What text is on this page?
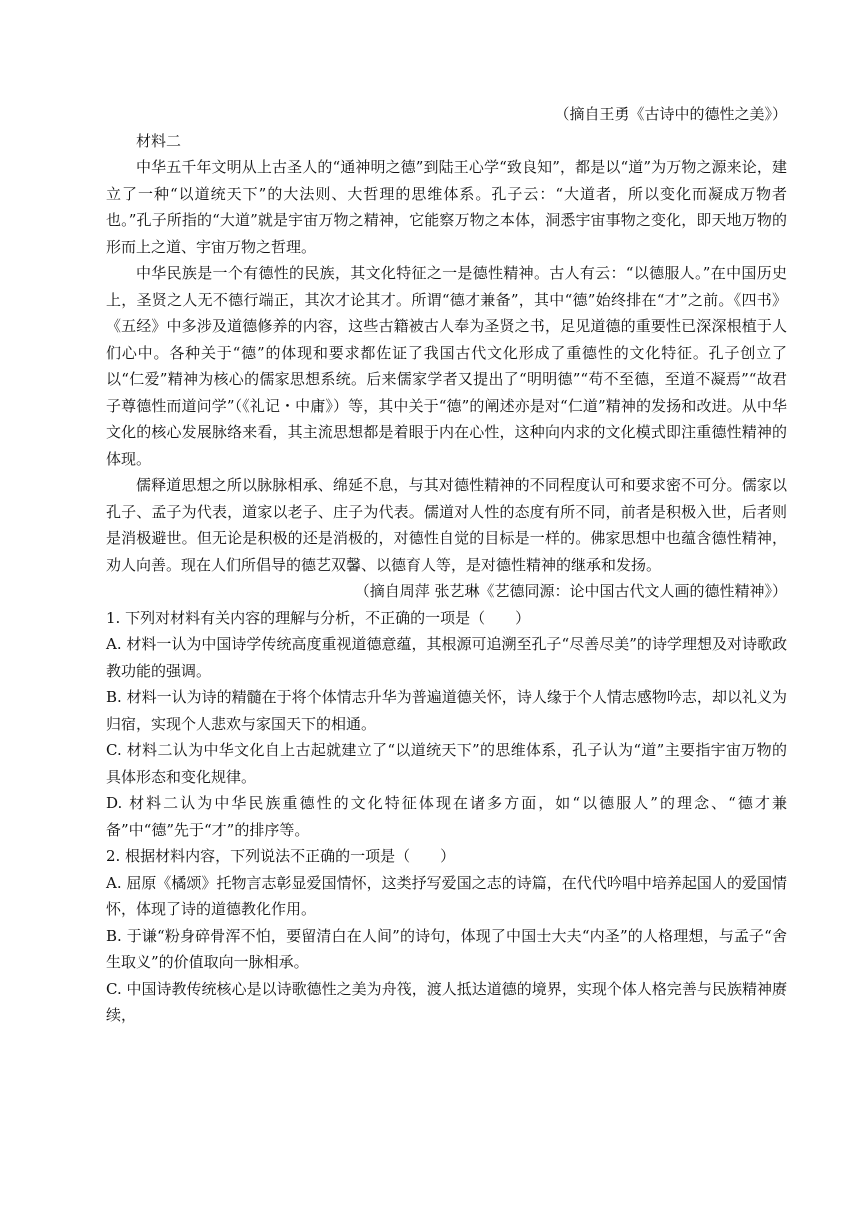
（摘自王勇《古诗中的德性之美》）

材料二

中华五千年文明从上古圣人的“通神明之德”到陆王心学“致良知”，都是以“道”为万物之源来论，建立了一种“以道统天下”的大法则、大哲理的思维体系。孔子云：“大道者，所以变化而凝成万物者也。”孔子所指的“大道”就是宇宙万物之精神，它能察万物之本体，洞悉宇宙事物之变化，即天地万物的形而上之道、宇宙万物之哲理。

中华民族是一个有德性的民族，其文化特征之一是德性精神。古人有云：“以德服人。”在中国历史上，圣贤之人无不德行端正，其次才论其才。所谓“德才兼备”，其中“德”始终排在“才”之前。《四书》《五经》中多涉及道德修养的内容，这些古籍被古人奉为圣贤之书，足见道德的重要性已深深根植于人们心中。各种关于“德”的体现和要求都佐证了我国古代文化形成了重德性的文化特征。孔子创立了以“仁爱”精神为核心的儒家思想系统。后来儒家学者又提出了“明明德”“苟不至德，至道不凝焉”“故君子尊德性而道问学”（《礼记・中庸》）等，其中关于“德”的阐述亦是对“仁道”精神的发扬和改进。从中华文化的核心发展脉络来看，其主流思想都是着眼于内在心性，这种向内求的文化模式即注重德性精神的体现。

儒释道思想之所以脉脉相承、绵延不息，与其对德性精神的不同程度认可和要求密不可分。儒家以孔子、孟子为代表，道家以老子、庄子为代表。儒道对人性的态度有所不同，前者是积极入世，后者则是消极避世。但无论是积极的还是消极的，对德性自觉的目标是一样的。佛家思想中也蕴含德性精神，劝人向善。现在人们所倡导的德艺双馨、以德育人等，是对德性精神的继承和发扬。

（摘自周萍 张艺琳《艺德同源：论中国古代文人画的德性精神》）

1. 下列对材料有关内容的理解与分析，不正确的一项是（　　）

A. 材料一认为中国诗学传统高度重视道德意蕴，其根源可追溯至孔子“尽善尽美”的诗学理想及对诗歌政教功能的强调。

B. 材料一认为诗的精髓在于将个体情志升华为普遍道德关怀，诗人缘于个人情志感物吟志，却以礼义为归宿，实现个人悲欢与家国天下的相通。

C. 材料二认为中华文化自上古起就建立了“以道统天下”的思维体系，孔子认为“道”主要指宇宙万物的具体形态和变化规律。

D. 材料二认为中华民族重德性的文化特征体现在诸多方面，如“以德服人”的理念、“德才兼备”中“德”先于“才”的排序等。

2. 根据材料内容，下列说法不正确的一项是（　　）

A. 屈原《橘颂》托物言志彰显爱国情怀，这类抒写爱国之志的诗篇，在代代吟唱中培养起国人的爱国情怀，体现了诗的道德教化作用。

B. 于谦“粉身碎骨浑不怕，要留清白在人间”的诗句，体现了中国士大夫“内圣”的人格理想，与孟子“舍生取义”的价值取向一脉相承。

C. 中国诗教传统核心是以诗歌德性之美为舟筏，渡人抵达道德的境界，实现个体人格完善与民族精神赓续，
